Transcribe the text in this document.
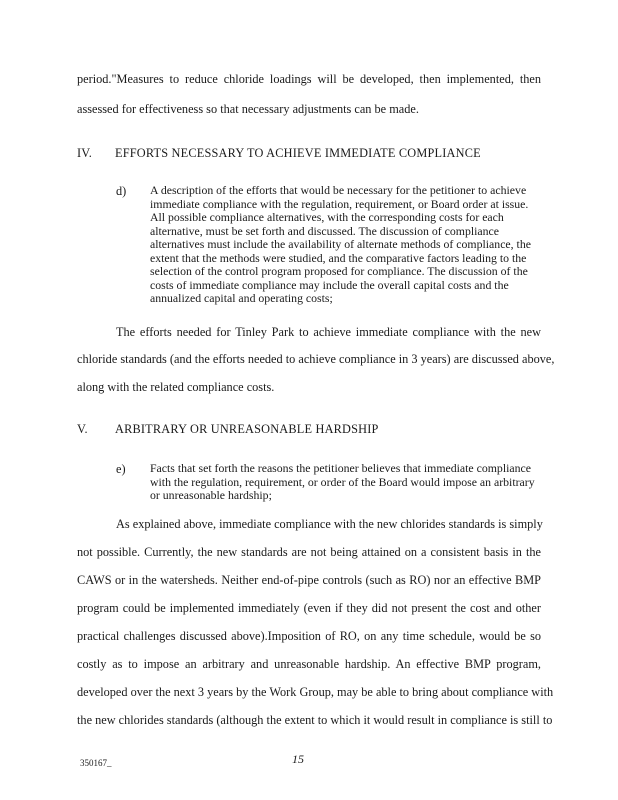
period."Measures to reduce chloride loadings will be developed, then implemented, then
assessed for effectiveness so that necessary adjustments can be made.
IV. EFFORTS NECESSARY TO ACHIEVE IMMEDIATE COMPLIANCE
d) A description of the efforts that would be necessary for the petitioner to achieve
immediate compliance with the regulation, requirement, or Board order at issue.
All possible compliance alternatives, with the corresponding costs for each
alternative, must be set forth and discussed. The discussion of compliance
alternatives must include the availability of alternate methods of compliance, the
extent that the methods were studied, and the comparative factors leading to the
selection of the control program proposed for compliance. The discussion of the
costs of immediate compliance may include the overall capital costs and the
annualized capital and operating costs;
The efforts needed for Tinley Park to achieve immediate compliance with the new
chloride standards (and the efforts needed to achieve compliance in 3 years) are discussed above,
along with the related compliance costs.
V. ARBITRARY OR UNREASONABLE HARDSHIP
e) Facts that set forth the reasons the petitioner believes that immediate compliance
with the regulation, requirement, or order of the Board would impose an arbitrary
or unreasonable hardship;
As explained above, immediate compliance with the new chlorides standards is simply
not possible. Currently, the new standards are not being attained on a consistent basis in the
CAWS or in the watersheds. Neither end-of-pipe controls (such as RO) nor an effective BMP
program could be implemented immediately (even if they did not present the cost and other
practical challenges discussed above).Imposition of RO, on any time schedule, would be so
costly as to impose an arbitrary and unreasonable hardship. An effective BMP program,
developed over the next 3 years by the Work Group, may be able to bring about compliance with
the new chlorides standards (although the extent to which it would result in compliance is still to
350167_	15
